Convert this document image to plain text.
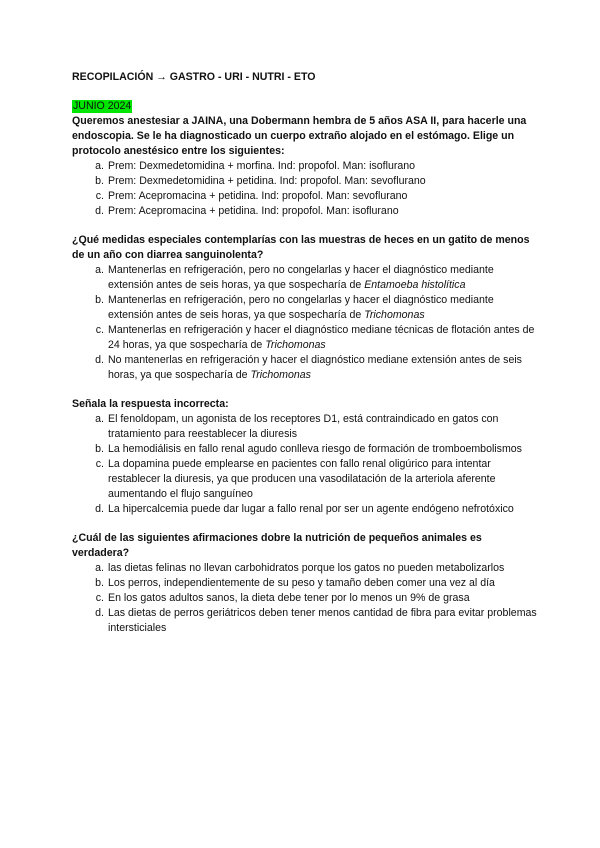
RECOPILACIÓN → GASTRO - URI - NUTRI - ETO

JUNIO 2024

Queremos anestesiar a JAINA, una Dobermann hembra de 5 años ASA II, para hacerle una endoscopia. Se le ha diagnosticado un cuerpo extraño alojado en el estómago. Elige un protocolo anestésico entre los siguientes:

a. Prem: Dexmedetomidina + morfina. Ind: propofol. Man: isoflurano
b. Prem: Dexmedetomidina + petidina. Ind: propofol. Man: sevoflurano
c. Prem: Acepromacina + petidina. Ind: propofol. Man: sevoflurano
d. Prem: Acepromacina + petidina. Ind: propofol. Man: isoflurano

¿Qué medidas especiales contemplarías con las muestras de heces en un gatito de menos de un año con diarrea sanguinolenta?

a. Mantenerlas en refrigeración, pero no congelarlas y hacer el diagnóstico mediante extensión antes de seis horas, ya que sospecharía de Entamoeba histolítica
b. Mantenerlas en refrigeración, pero no congelarlas y hacer el diagnóstico mediante extensión antes de seis horas, ya que sospecharía de Trichomonas
c. Mantenerlas en refrigeración y hacer el diagnóstico mediane técnicas de flotación antes de 24 horas, ya que sospecharía de Trichomonas
d. No mantenerlas en refrigeración y hacer el diagnóstico mediane extensión antes de seis horas, ya que sospecharía de Trichomonas

Señala la respuesta incorrecta:

a. El fenoldopam, un agonista de los receptores D1, está contraindicado en gatos con tratamiento para reestablecer la diuresis
b. La hemodiálisis en fallo renal agudo conlleva riesgo de formación de tromboembolismos
c. La dopamina puede emplearse en pacientes con fallo renal oligúrico para intentar restablecer la diuresis, ya que producen una vasodilatación de la arteriola aferente aumentando el flujo sanguíneo
d. La hipercalcemia puede dar lugar a fallo renal por ser un agente endógeno nefrotóxico

¿Cuál de las siguientes afirmaciones dobre la nutrición de pequeños animales es verdadera?

a. las dietas felinas no llevan carbohidratos porque los gatos no pueden metabolizarlos
b. Los perros, independientemente de su peso y tamaño deben comer una vez al día
c. En los gatos adultos sanos, la dieta debe tener por lo menos un 9% de grasa
d. Las dietas de perros geriátricos deben tener menos cantidad de fibra para evitar problemas intersticiales
